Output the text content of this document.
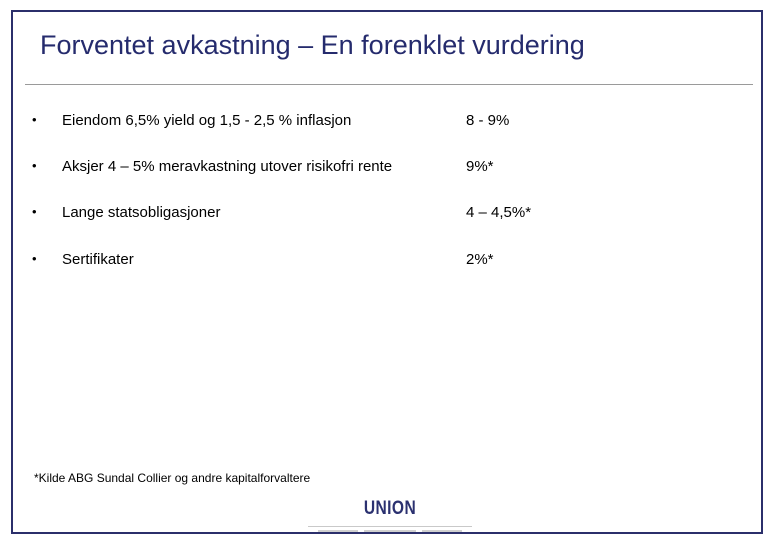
Forventet avkastning – En forenklet vurdering
• Eiendom 6,5% yield og 1,5 - 2,5 % inflasjon	8 - 9%
• Aksjer 4 – 5% meravkastning utover risikofri rente	9%*
• Lange statsobligasjoner	4 – 4,5%*
• Sertifikater	2%*
*Kilde ABG Sundal Collier og andre kapitalforvaltere
UNION
